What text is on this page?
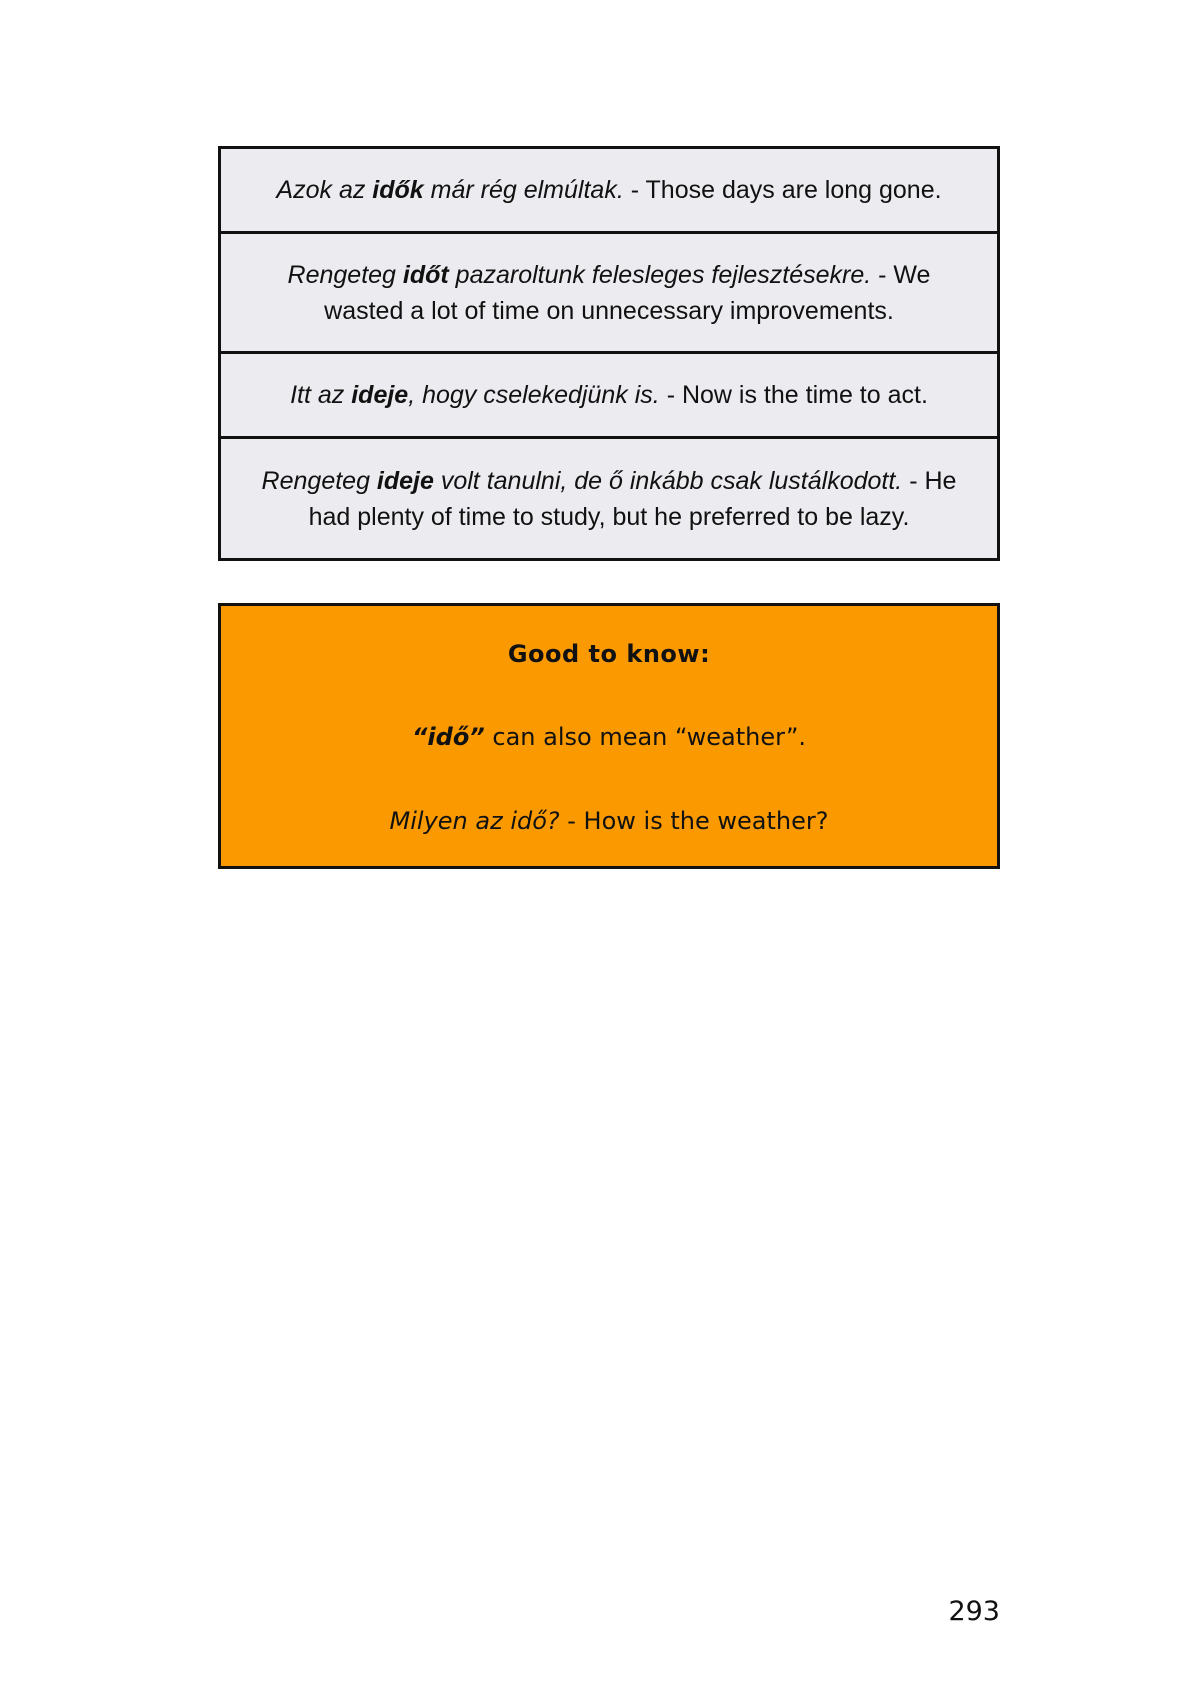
Azok az idők már rég elmúltak. - Those days are long gone.
Rengeteg időt pazaroltunk felesleges fejlesztésekre. - We wasted a lot of time on unnecessary improvements.
Itt az ideje, hogy cselekedjünk is. - Now is the time to act.
Rengeteg ideje volt tanulni, de ő inkább csak lustálkodott. - He had plenty of time to study, but he preferred to be lazy.
Good to know:
“idő” can also mean “weather”.
Milyen az idő? - How is the weather?
293
